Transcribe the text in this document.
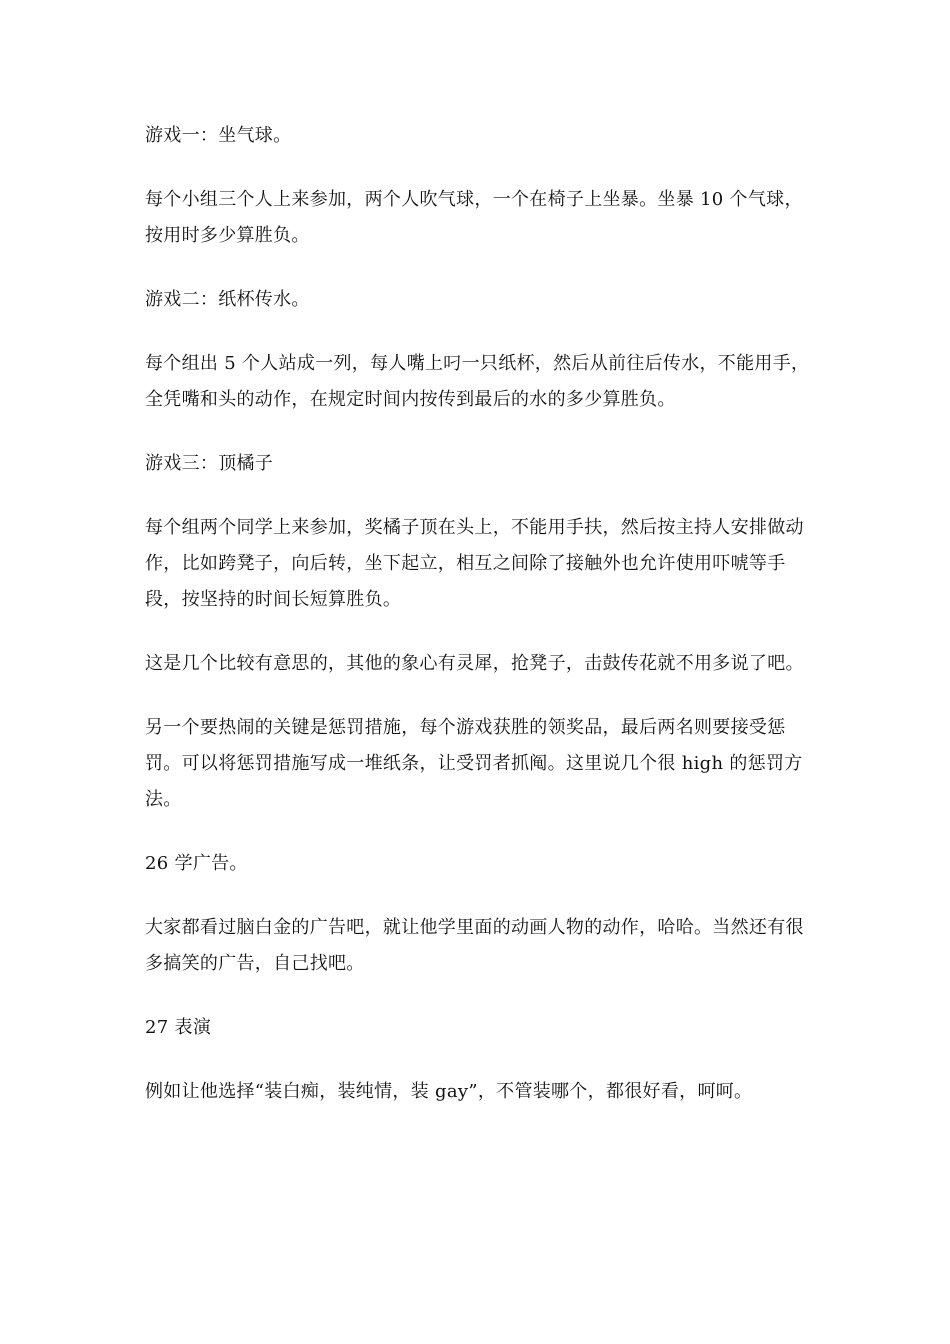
游戏一：坐气球。

每个小组三个人上来参加，两个人吹气球，一个在椅子上坐暴。坐暴 10 个气球，按用时多少算胜负。

游戏二：纸杯传水。

每个组出 5 个人站成一列，每人嘴上叼一只纸杯，然后从前往后传水，不能用手，全凭嘴和头的动作，在规定时间内按传到最后的水的多少算胜负。

游戏三：顶橘子

每个组两个同学上来参加，奖橘子顶在头上，不能用手扶，然后按主持人安排做动作，比如跨凳子，向后转，坐下起立，相互之间除了接触外也允许使用吓唬等手段，按坚持的时间长短算胜负。

这是几个比较有意思的，其他的象心有灵犀，抢凳子，击鼓传花就不用多说了吧。

另一个要热闹的关键是惩罚措施，每个游戏获胜的领奖品，最后两名则要接受惩罚。可以将惩罚措施写成一堆纸条，让受罚者抓阄。这里说几个很 high 的惩罚方法。

26 学广告。

大家都看过脑白金的广告吧，就让他学里面的动画人物的动作，哈哈。当然还有很多搞笑的广告，自己找吧。

27 表演

例如让他选择“装白痴，装纯情，装 gay”，不管装哪个，都很好看，呵呵。
